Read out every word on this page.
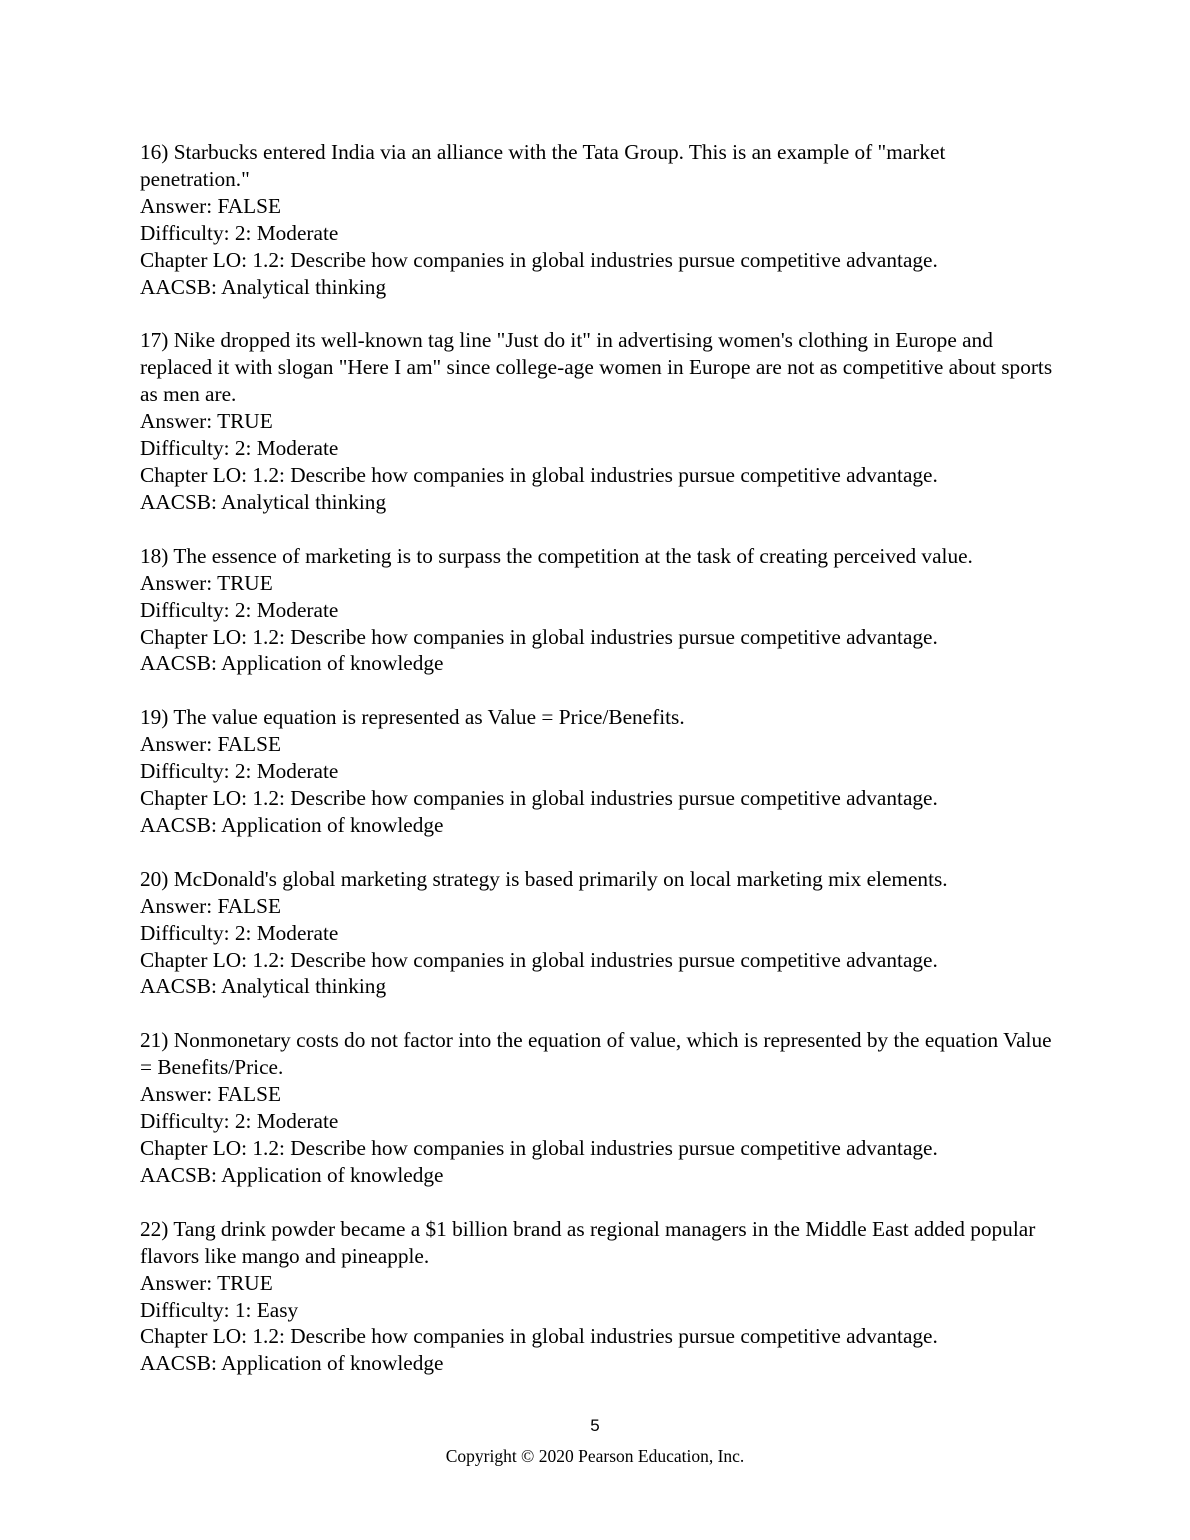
16) Starbucks entered India via an alliance with the Tata Group. This is an example of "market penetration."

Answer: FALSE

Difficulty: 2: Moderate

Chapter LO: 1.2: Describe how companies in global industries pursue competitive advantage.

AACSB: Analytical thinking

17) Nike dropped its well-known tag line "Just do it" in advertising women's clothing in Europe and replaced it with slogan "Here I am" since college-age women in Europe are not as competitive about sports as men are.

Answer: TRUE

Difficulty: 2: Moderate

Chapter LO: 1.2: Describe how companies in global industries pursue competitive advantage.

AACSB: Analytical thinking

18) The essence of marketing is to surpass the competition at the task of creating perceived value.

Answer: TRUE

Difficulty: 2: Moderate

Chapter LO: 1.2: Describe how companies in global industries pursue competitive advantage.

AACSB: Application of knowledge

19) The value equation is represented as Value = Price/Benefits.

Answer: FALSE

Difficulty: 2: Moderate

Chapter LO: 1.2: Describe how companies in global industries pursue competitive advantage.

AACSB: Application of knowledge

20) McDonald's global marketing strategy is based primarily on local marketing mix elements.

Answer: FALSE

Difficulty: 2: Moderate

Chapter LO: 1.2: Describe how companies in global industries pursue competitive advantage.

AACSB: Analytical thinking

21) Nonmonetary costs do not factor into the equation of value, which is represented by the equation Value = Benefits/Price.

Answer: FALSE

Difficulty: 2: Moderate

Chapter LO: 1.2: Describe how companies in global industries pursue competitive advantage.

AACSB: Application of knowledge

22) Tang drink powder became a $1 billion brand as regional managers in the Middle East added popular flavors like mango and pineapple.

Answer: TRUE

Difficulty: 1: Easy

Chapter LO: 1.2: Describe how companies in global industries pursue competitive advantage.

AACSB: Application of knowledge

5
Copyright © 2020 Pearson Education, Inc.
